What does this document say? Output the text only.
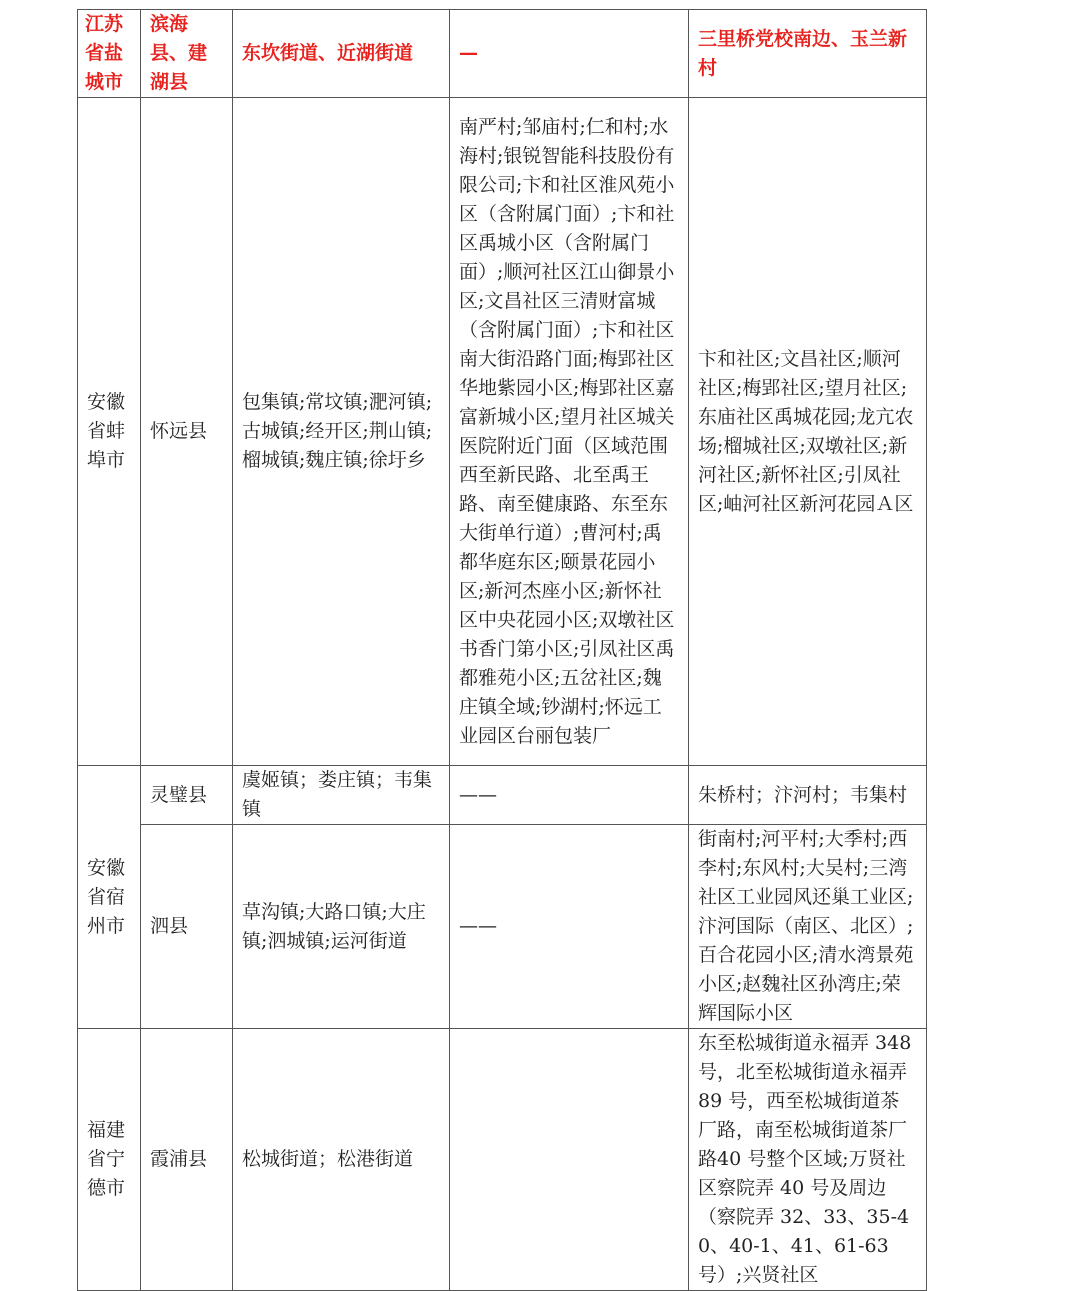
江苏省盐城市	滨海县、建湖县	东坎街道、近湖街道	—	三里桥党校南边、玉兰新村
安徽省蚌埠市	怀远县	包集镇;常坟镇;淝河镇;古城镇;经开区;荆山镇;榴城镇;魏庄镇;徐圩乡	南严村;邹庙村;仁和村;水海村;银锐智能科技股份有限公司;卞和社区淮风苑小区（含附属门面）;卞和社区禹城小区（含附属门面）;顺河社区江山御景小区;文昌社区三清财富城（含附属门面）;卞和社区南大街沿路门面;梅郢社区华地紫园小区;梅郢社区嘉富新城小区;望月社区城关医院附近门面（区域范围西至新民路、北至禹王路、南至健康路、东至东大街单行道）;曹河村;禹都华庭东区;颐景花园小区;新河杰座小区;新怀社区中央花园小区;双墩社区书香门第小区;引凤社区禹都雅苑小区;五岔社区;魏庄镇全域;钞湖村;怀远工业园区台丽包装厂	卞和社区;文昌社区;顺河社区;梅郢社区;望月社区;东庙社区禹城花园;龙亢农场;榴城社区;双墩社区;新河社区;新怀社区;引凤社区;岫河社区新河花园Ａ区
安徽省宿州市	灵璧县	虞姬镇；娄庄镇；韦集镇	——	朱桥村；汴河村；韦集村
	泗县	草沟镇;大路口镇;大庄镇;泗城镇;运河街道	——	街南村;河平村;大季村;西李村;东风村;大吴村;三湾社区工业园风还巢工业区;汴河国际（南区、北区）;百合花园小区;清水湾景苑小区;赵魏社区孙湾庄;荣辉国际小区
福建省宁德市	霞浦县	松城街道；松港街道		东至松城街道永福弄 348号，北至松城街道永福弄89 号，西至松城街道茶厂路，南至松城街道茶厂路40 号整个区域;万贤社区察院弄 40 号及周边（察院弄 32、33、35-40、40-1、41、61-63 号）;兴贤社区
